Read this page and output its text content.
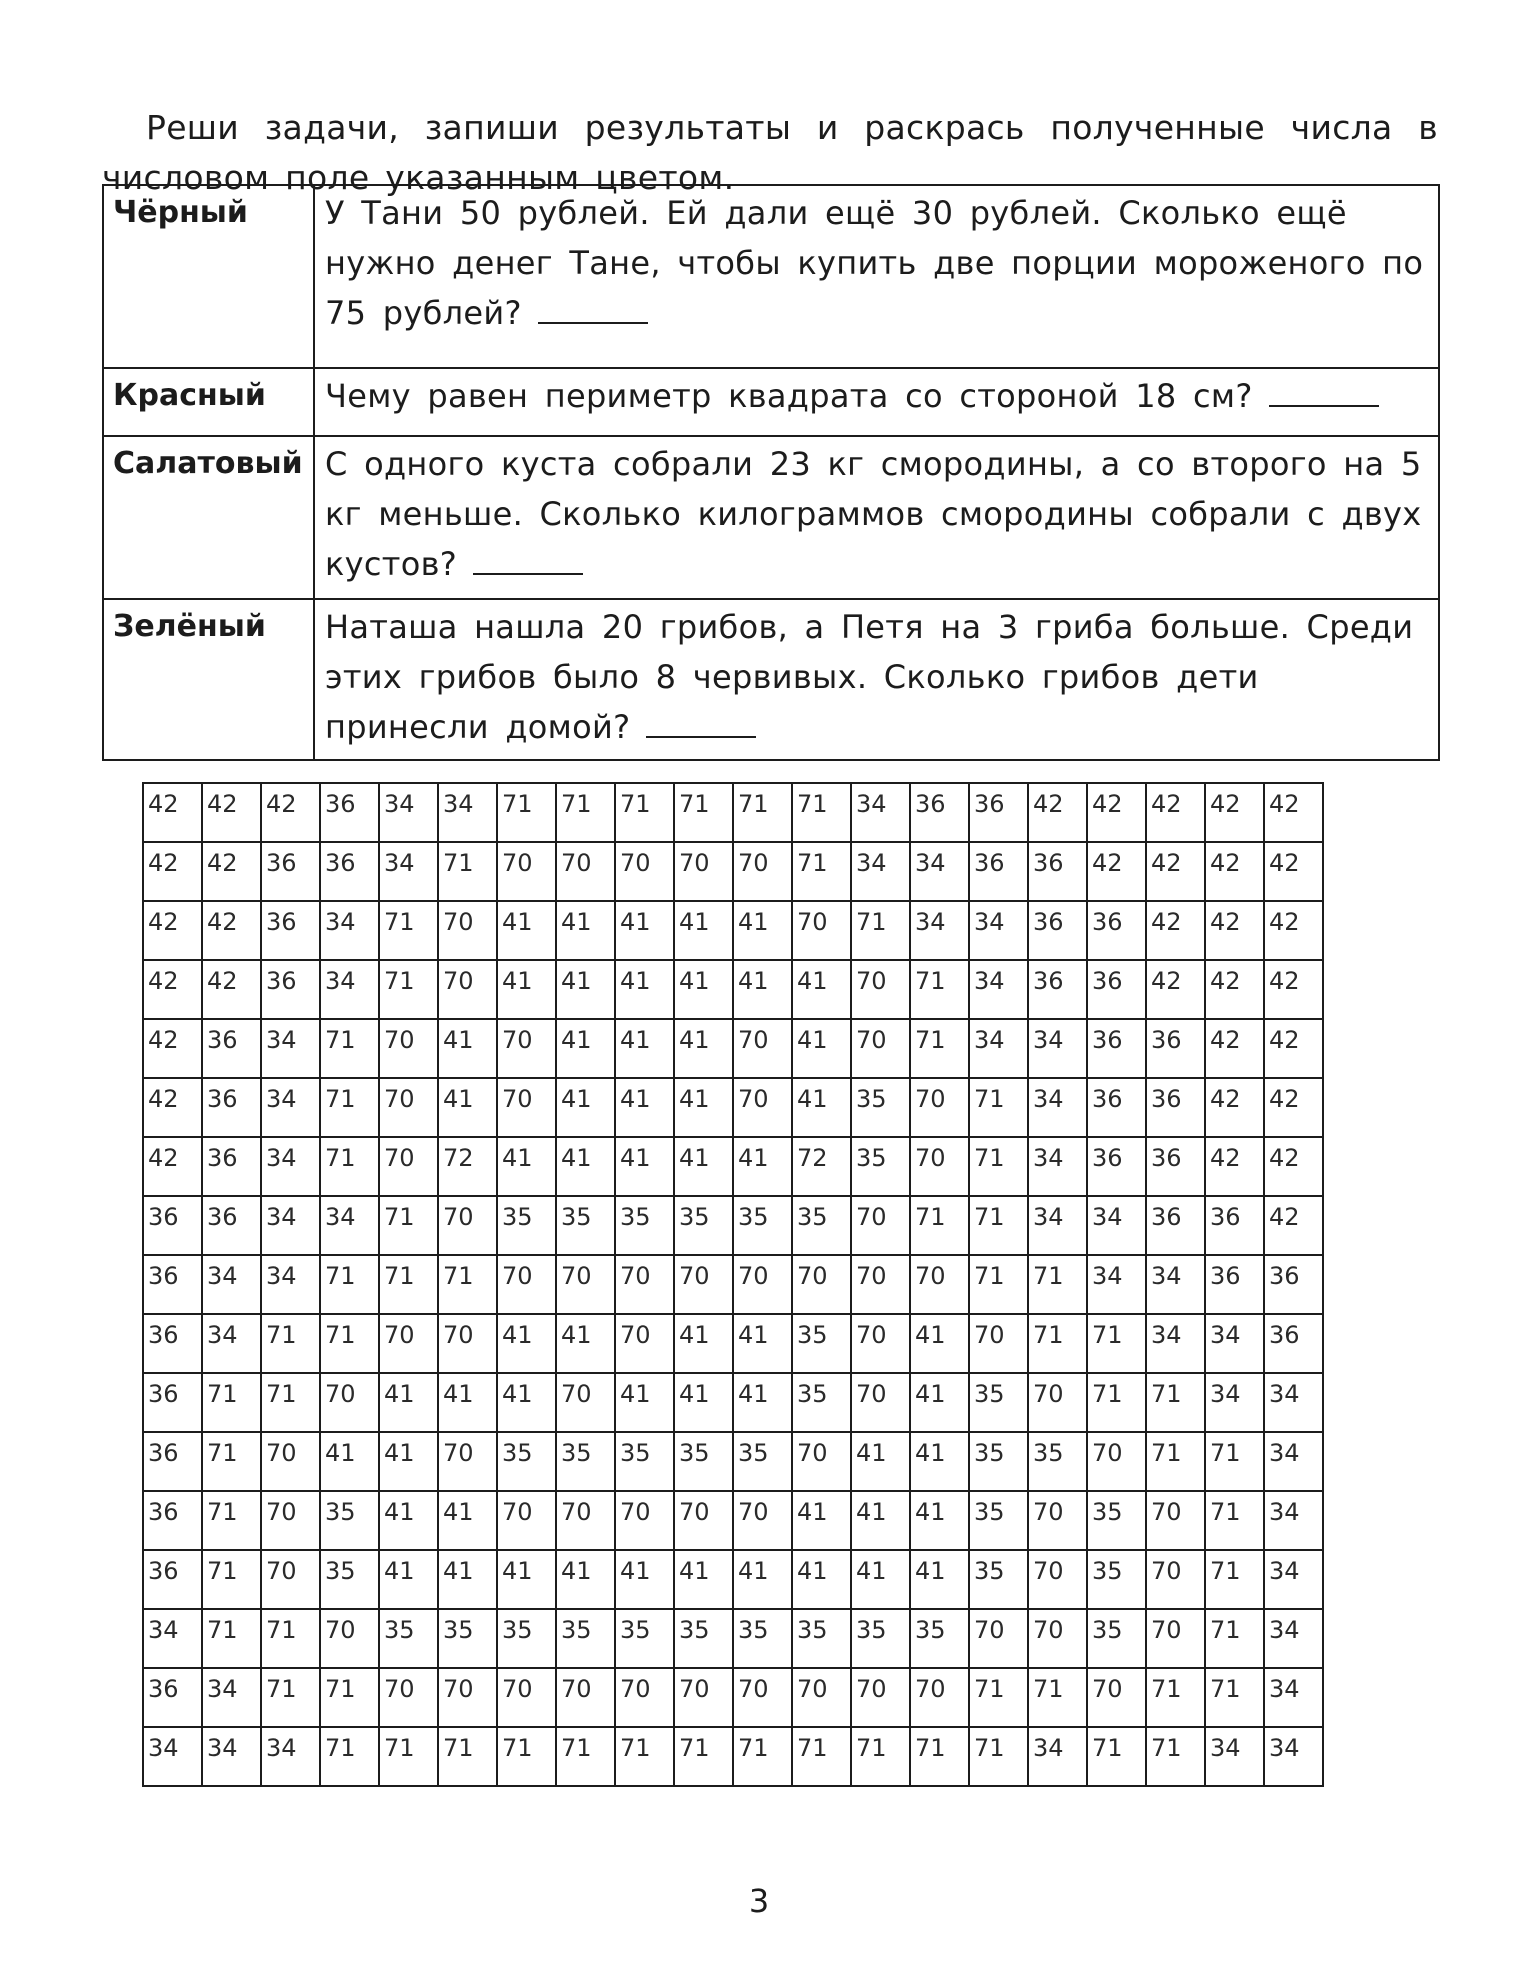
Реши задачи, запиши результаты и раскрась полученные числа в числовом поле указанным цветом.

Чёрный	У Тани 50 рублей. Ей дали ещё 30 рублей. Сколько ещё нужно денег Тане, чтобы купить две порции мороженого по 75 рублей?
Красный	Чему равен периметр квадрата со стороной 18 см?
Салатовый	С одного куста собрали 23 кг смородины, а со второго на 5 кг меньше. Сколько килограммов смородины собрали с двух кустов?
Зелёный	Наташа нашла 20 грибов, а Петя на 3 гриба больше. Среди этих грибов было 8 червивых. Сколько грибов дети принесли домой?
42	42	42	36	34	34	71	71	71	71	71	71	34	36	36	42	42	42	42	42
42	42	36	36	34	71	70	70	70	70	70	71	34	34	36	36	42	42	42	42
42	42	36	34	71	70	41	41	41	41	41	70	71	34	34	36	36	42	42	42
42	42	36	34	71	70	41	41	41	41	41	41	70	71	34	36	36	42	42	42
42	36	34	71	70	41	70	41	41	41	70	41	70	71	34	34	36	36	42	42
42	36	34	71	70	41	70	41	41	41	70	41	35	70	71	34	36	36	42	42
42	36	34	71	70	72	41	41	41	41	41	72	35	70	71	34	36	36	42	42
36	36	34	34	71	70	35	35	35	35	35	35	70	71	71	34	34	36	36	42
36	34	34	71	71	71	70	70	70	70	70	70	70	70	71	71	34	34	36	36
36	34	71	71	70	70	41	41	70	41	41	35	70	41	70	71	71	34	34	36
36	71	71	70	41	41	41	70	41	41	41	35	70	41	35	70	71	71	34	34
36	71	70	41	41	70	35	35	35	35	35	70	41	41	35	35	70	71	71	34
36	71	70	35	41	41	70	70	70	70	70	41	41	41	35	70	35	70	71	34
36	71	70	35	41	41	41	41	41	41	41	41	41	41	35	70	35	70	71	34
34	71	71	70	35	35	35	35	35	35	35	35	35	35	70	70	35	70	71	34
36	34	71	71	70	70	70	70	70	70	70	70	70	70	71	71	70	71	71	34
34	34	34	71	71	71	71	71	71	71	71	71	71	71	71	34	71	71	34	34
3
